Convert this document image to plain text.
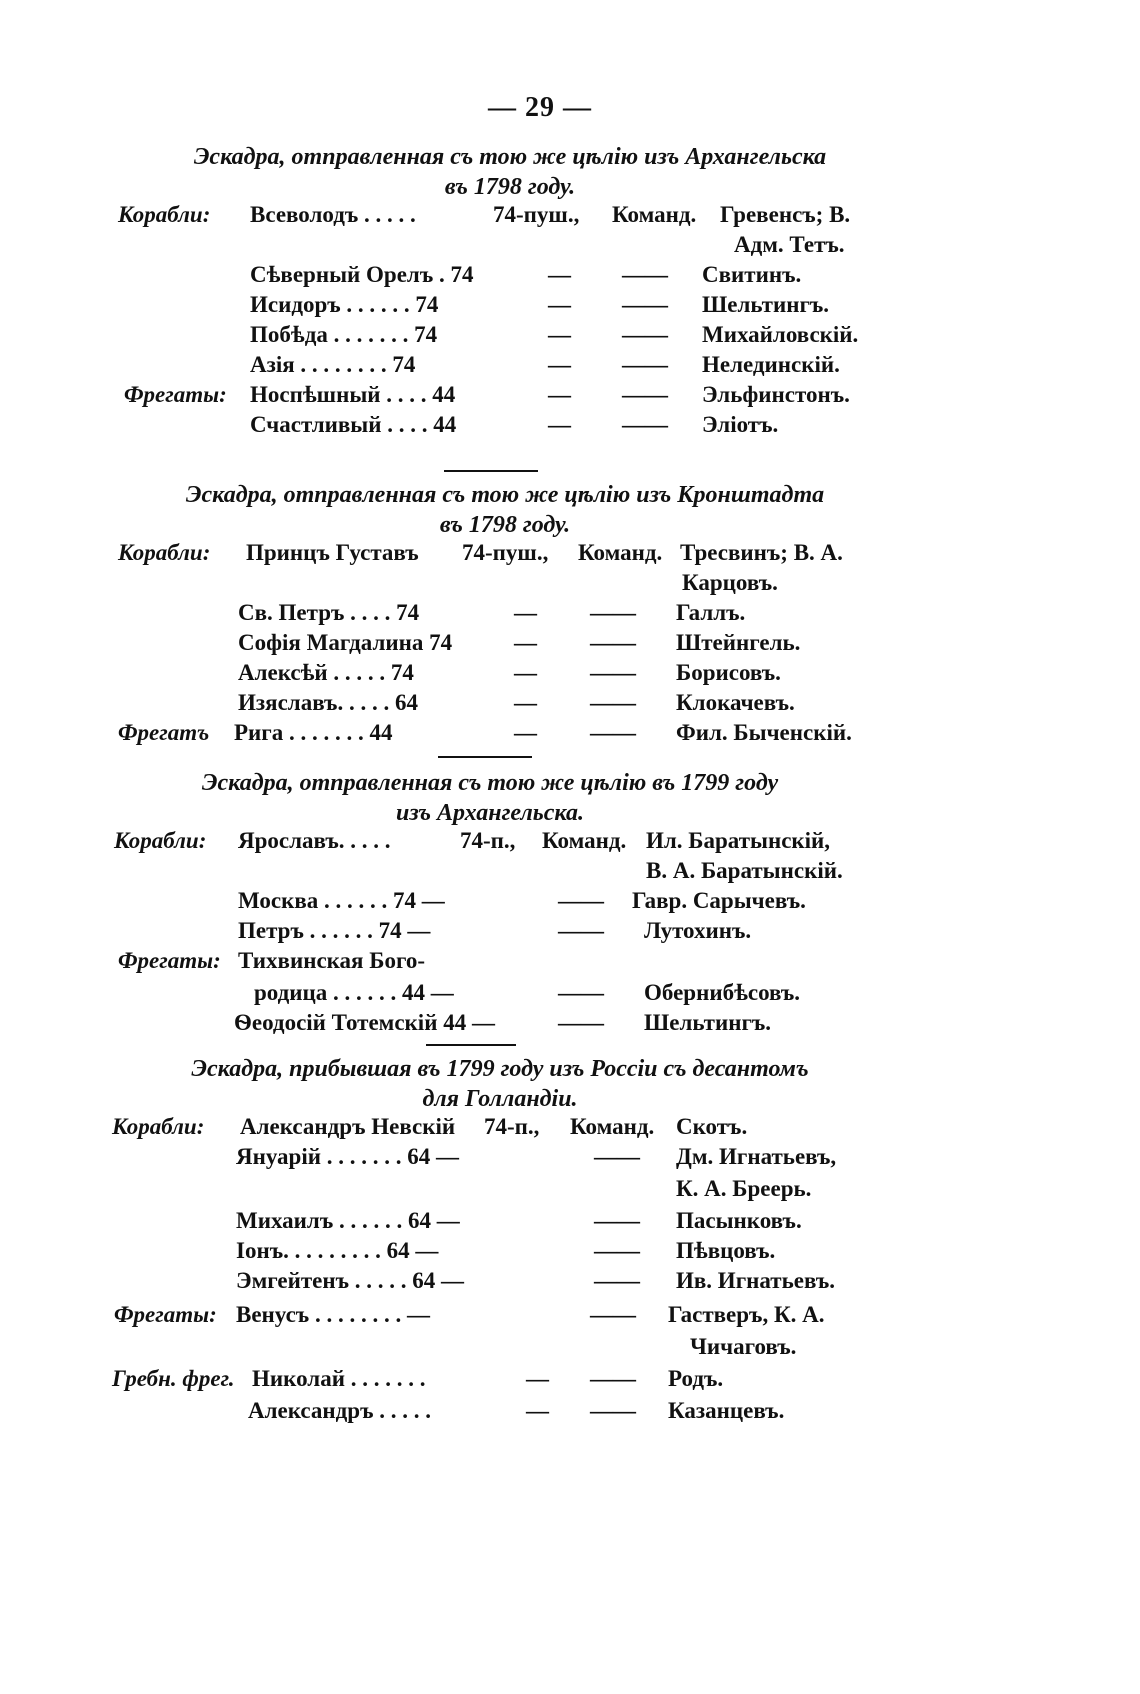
— 29 —
Эскадра, отправленная съ тою же цѣлію изъ Архангельска
въ 1798 году.
Корабли: Всеволодъ . . . . .	74-пуш., Команд. Гревенсъ; В.
Адм. Тетъ.
Сѣверный Орелъ . 74	— —— Свитинъ.
Исидоръ . . . . . . 74	— —— Шельтингъ.
Побѣда . . . . . . . 74	— —— Михайловскій.
Азія . . . . . . . . 74	— —— Нелединскій.
Фрегаты: Носпѣшный . . . . 44	— —— Эльфинстонъ.
Счастливый . . . . 44	— —— Эліотъ.
Эскадра, отправленная съ тою же цѣлію изъ Кронштадта
въ 1798 году.
Корабли: Принцъ Густавъ 74-пуш., Команд. Тресвинъ; В. А.
Карцовъ.
Св. Петръ . . . . 74	— —— Галлъ.
Софія Магдалина 74	— —— Штейнгель.
Алексѣй . . . . . 74	— —— Борисовъ.
Изяславъ. . . . . 64	— —— Клокачевъ.
Фрегатъ Рига . . . . . . . 44	— —— Фил. Быченскій.
Эскадра, отправленная съ тою же цѣлію въ 1799 году
изъ Архангельска.
Корабли: Ярославъ. . . . .	74-п., Команд. Ил. Баратынскій,
В. А. Баратынскій.
Москва . . . . . . 74 —	—— Гавр. Сарычевъ.
Петръ . . . . . . 74 —	—— Лутохинъ.
Фрегаты: Тихвинская Бого-
родица . . . . . . 44 —	—— Обернибѣсовъ.
Ѳеодосій Тотемскій 44 —	—— Шельтингъ.
Эскадра, прибывшая въ 1799 году изъ Россіи съ десантомъ
для Голландіи.
Корабли: Александръ Невскій 74-п., Команд. Скотъ.
Януарій . . . . . . . 64 —	—— Дм. Игнатьевъ,
К. А. Бреерь.
Михаилъ . . . . . . 64 —	—— Пасынковъ.
Іонъ. . . . . . . . . 64 —	—— Пѣвцовъ.
Эмгейтенъ . . . . . 64 —	—— Ив. Игнатьевъ.
Фрегаты: Венусъ . . . . . . . . —	—— Гастверъ, К. А.
Чичаговъ.
Гребн. фрег. Николай . . . . . . .	— —— Родъ.
Александръ . . . . .	— —— Казанцевъ.
